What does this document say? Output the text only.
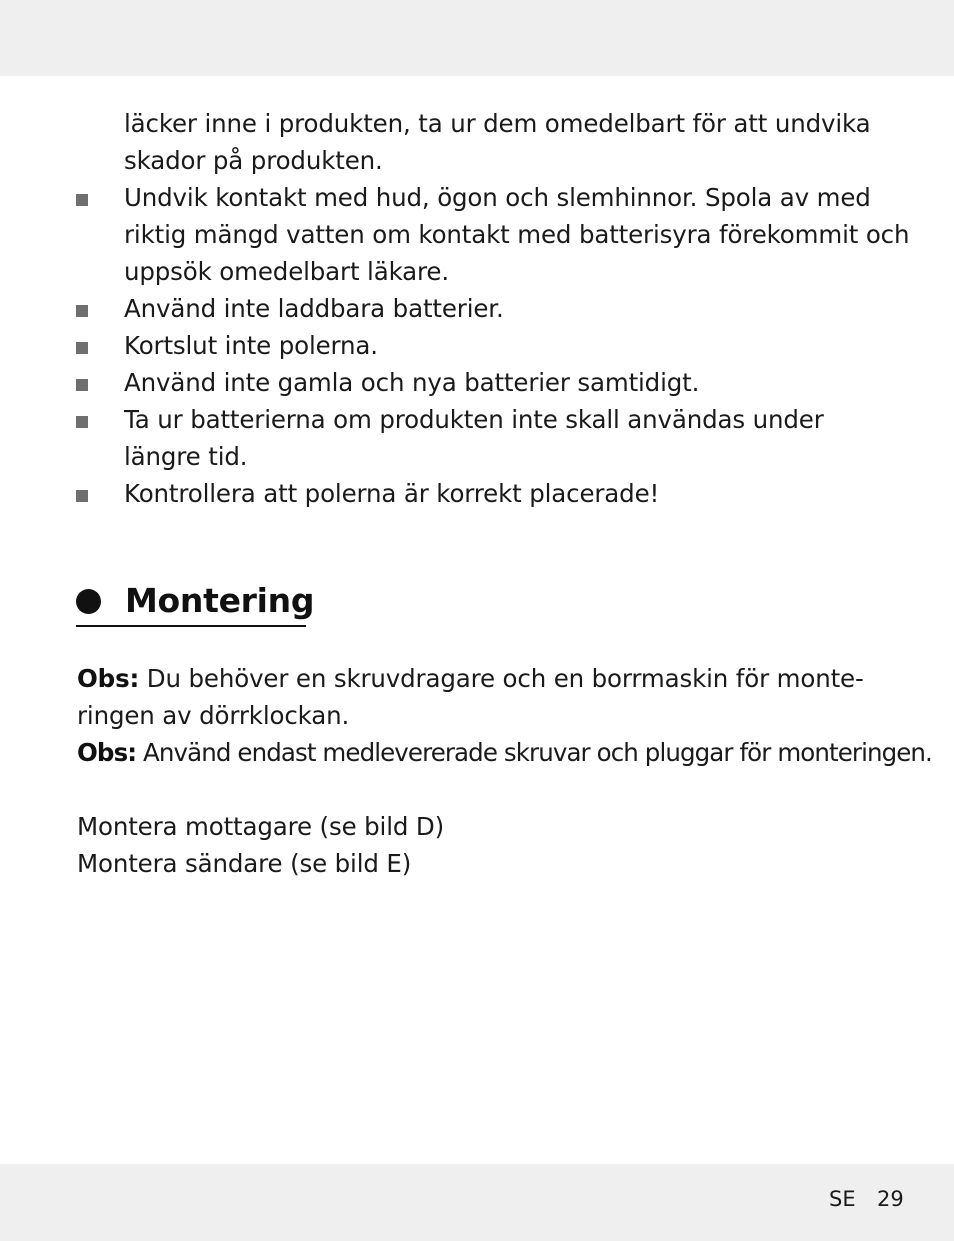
läcker inne i produkten, ta ur dem omedelbart för att undvika
skador på produkten.
Undvik kontakt med hud, ögon och slemhinnor. Spola av med
riktig mängd vatten om kontakt med batterisyra förekommit och
uppsök omedelbart läkare.
Använd inte laddbara batterier.
Kortslut inte polerna.
Använd inte gamla och nya batterier samtidigt.
Ta ur batterierna om produkten inte skall användas under
längre tid.
Kontrollera att polerna är korrekt placerade!
Montering
Obs: Du behöver en skruvdragare och en borrmaskin för monte-
ringen av dörrklockan.
Obs: Använd endast medlevererade skruvar och pluggar för monteringen.
Montera mottagare (se bild D)
Montera sändare (se bild E)
SE 29
